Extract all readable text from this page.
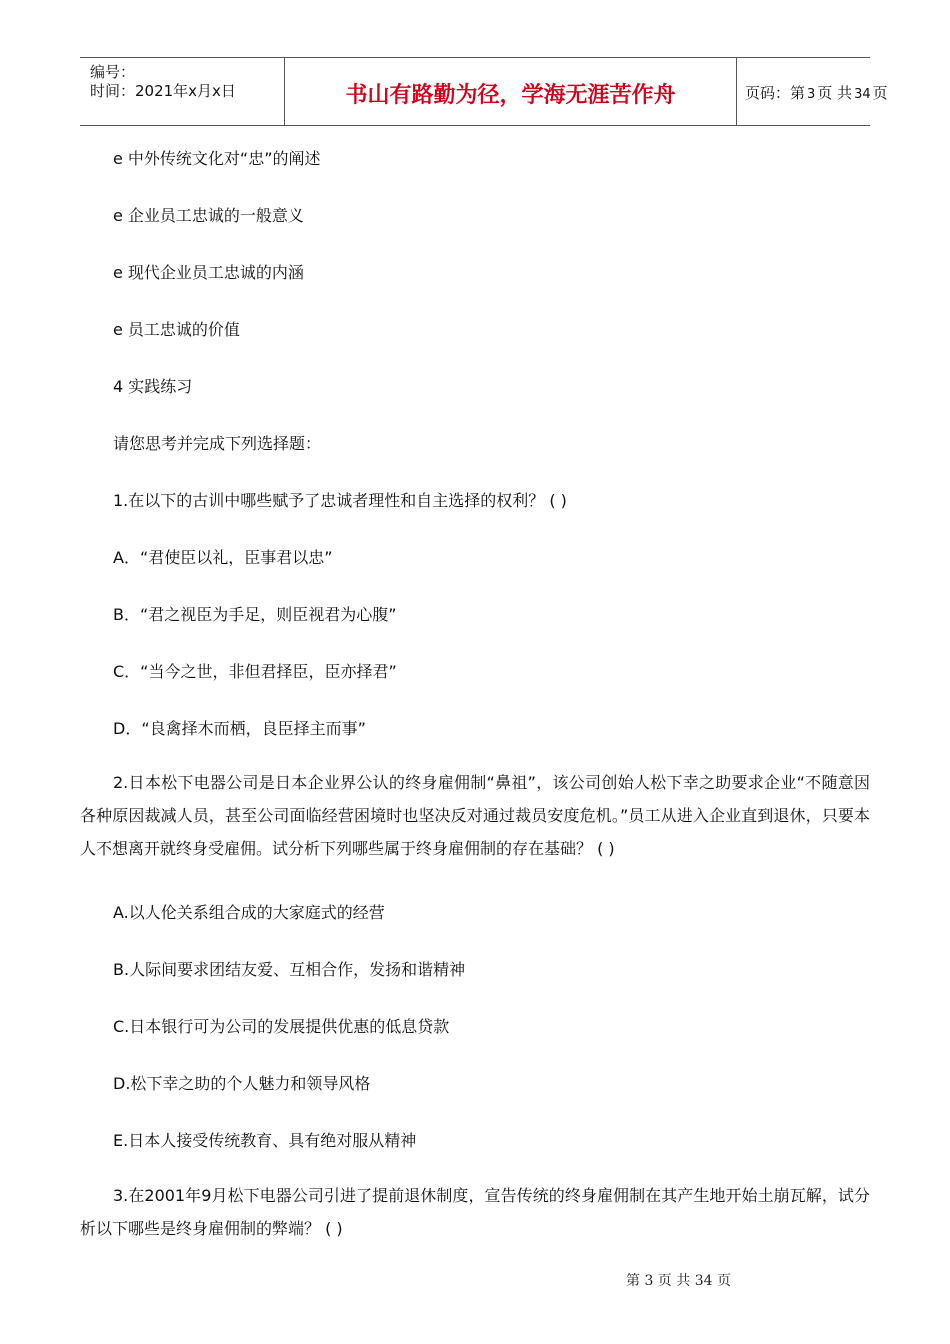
编号：
时间：2021年x月x日	书山有路勤为径，学海无涯苦作舟	页码：第 3 页 共 34 页
e 中外传统文化对“忠”的阐述
e 企业员工忠诚的一般意义
e 现代企业员工忠诚的内涵
e 员工忠诚的价值
4 实践练习
请您思考并完成下列选择题：
1.在以下的古训中哪些赋予了忠诚者理性和自主选择的权利？ ( )
A．“君使臣以礼，臣事君以忠”
B．“君之视臣为手足，则臣视君为心腹”
C．“当今之世，非但君择臣，臣亦择君”
D．“良禽择木而栖，良臣择主而事”

2.日本松下电器公司是日本企业界公认的终身雇佣制“鼻祖”，该公司创始人松下幸之助要求企业“不随意因各种原因裁减人员，甚至公司面临经营困境时也坚决反对通过裁员安度危机。”员工从进入企业直到退休，只要本人不想离开就终身受雇佣。试分析下列哪些属于终身雇佣制的存在基础？ ( )

A.以人伦关系组合成的大家庭式的经营
B.人际间要求团结友爱、互相合作，发扬和谐精神
C.日本银行可为公司的发展提供优惠的低息贷款
D.松下幸之助的个人魅力和领导风格
E.日本人接受传统教育、具有绝对服从精神

3.在2001年9月松下电器公司引进了提前退休制度，宣告传统的终身雇佣制在其产生地开始土崩瓦解，试分析以下哪些是终身雇佣制的弊端？ ( )

第 3 页 共 34 页
